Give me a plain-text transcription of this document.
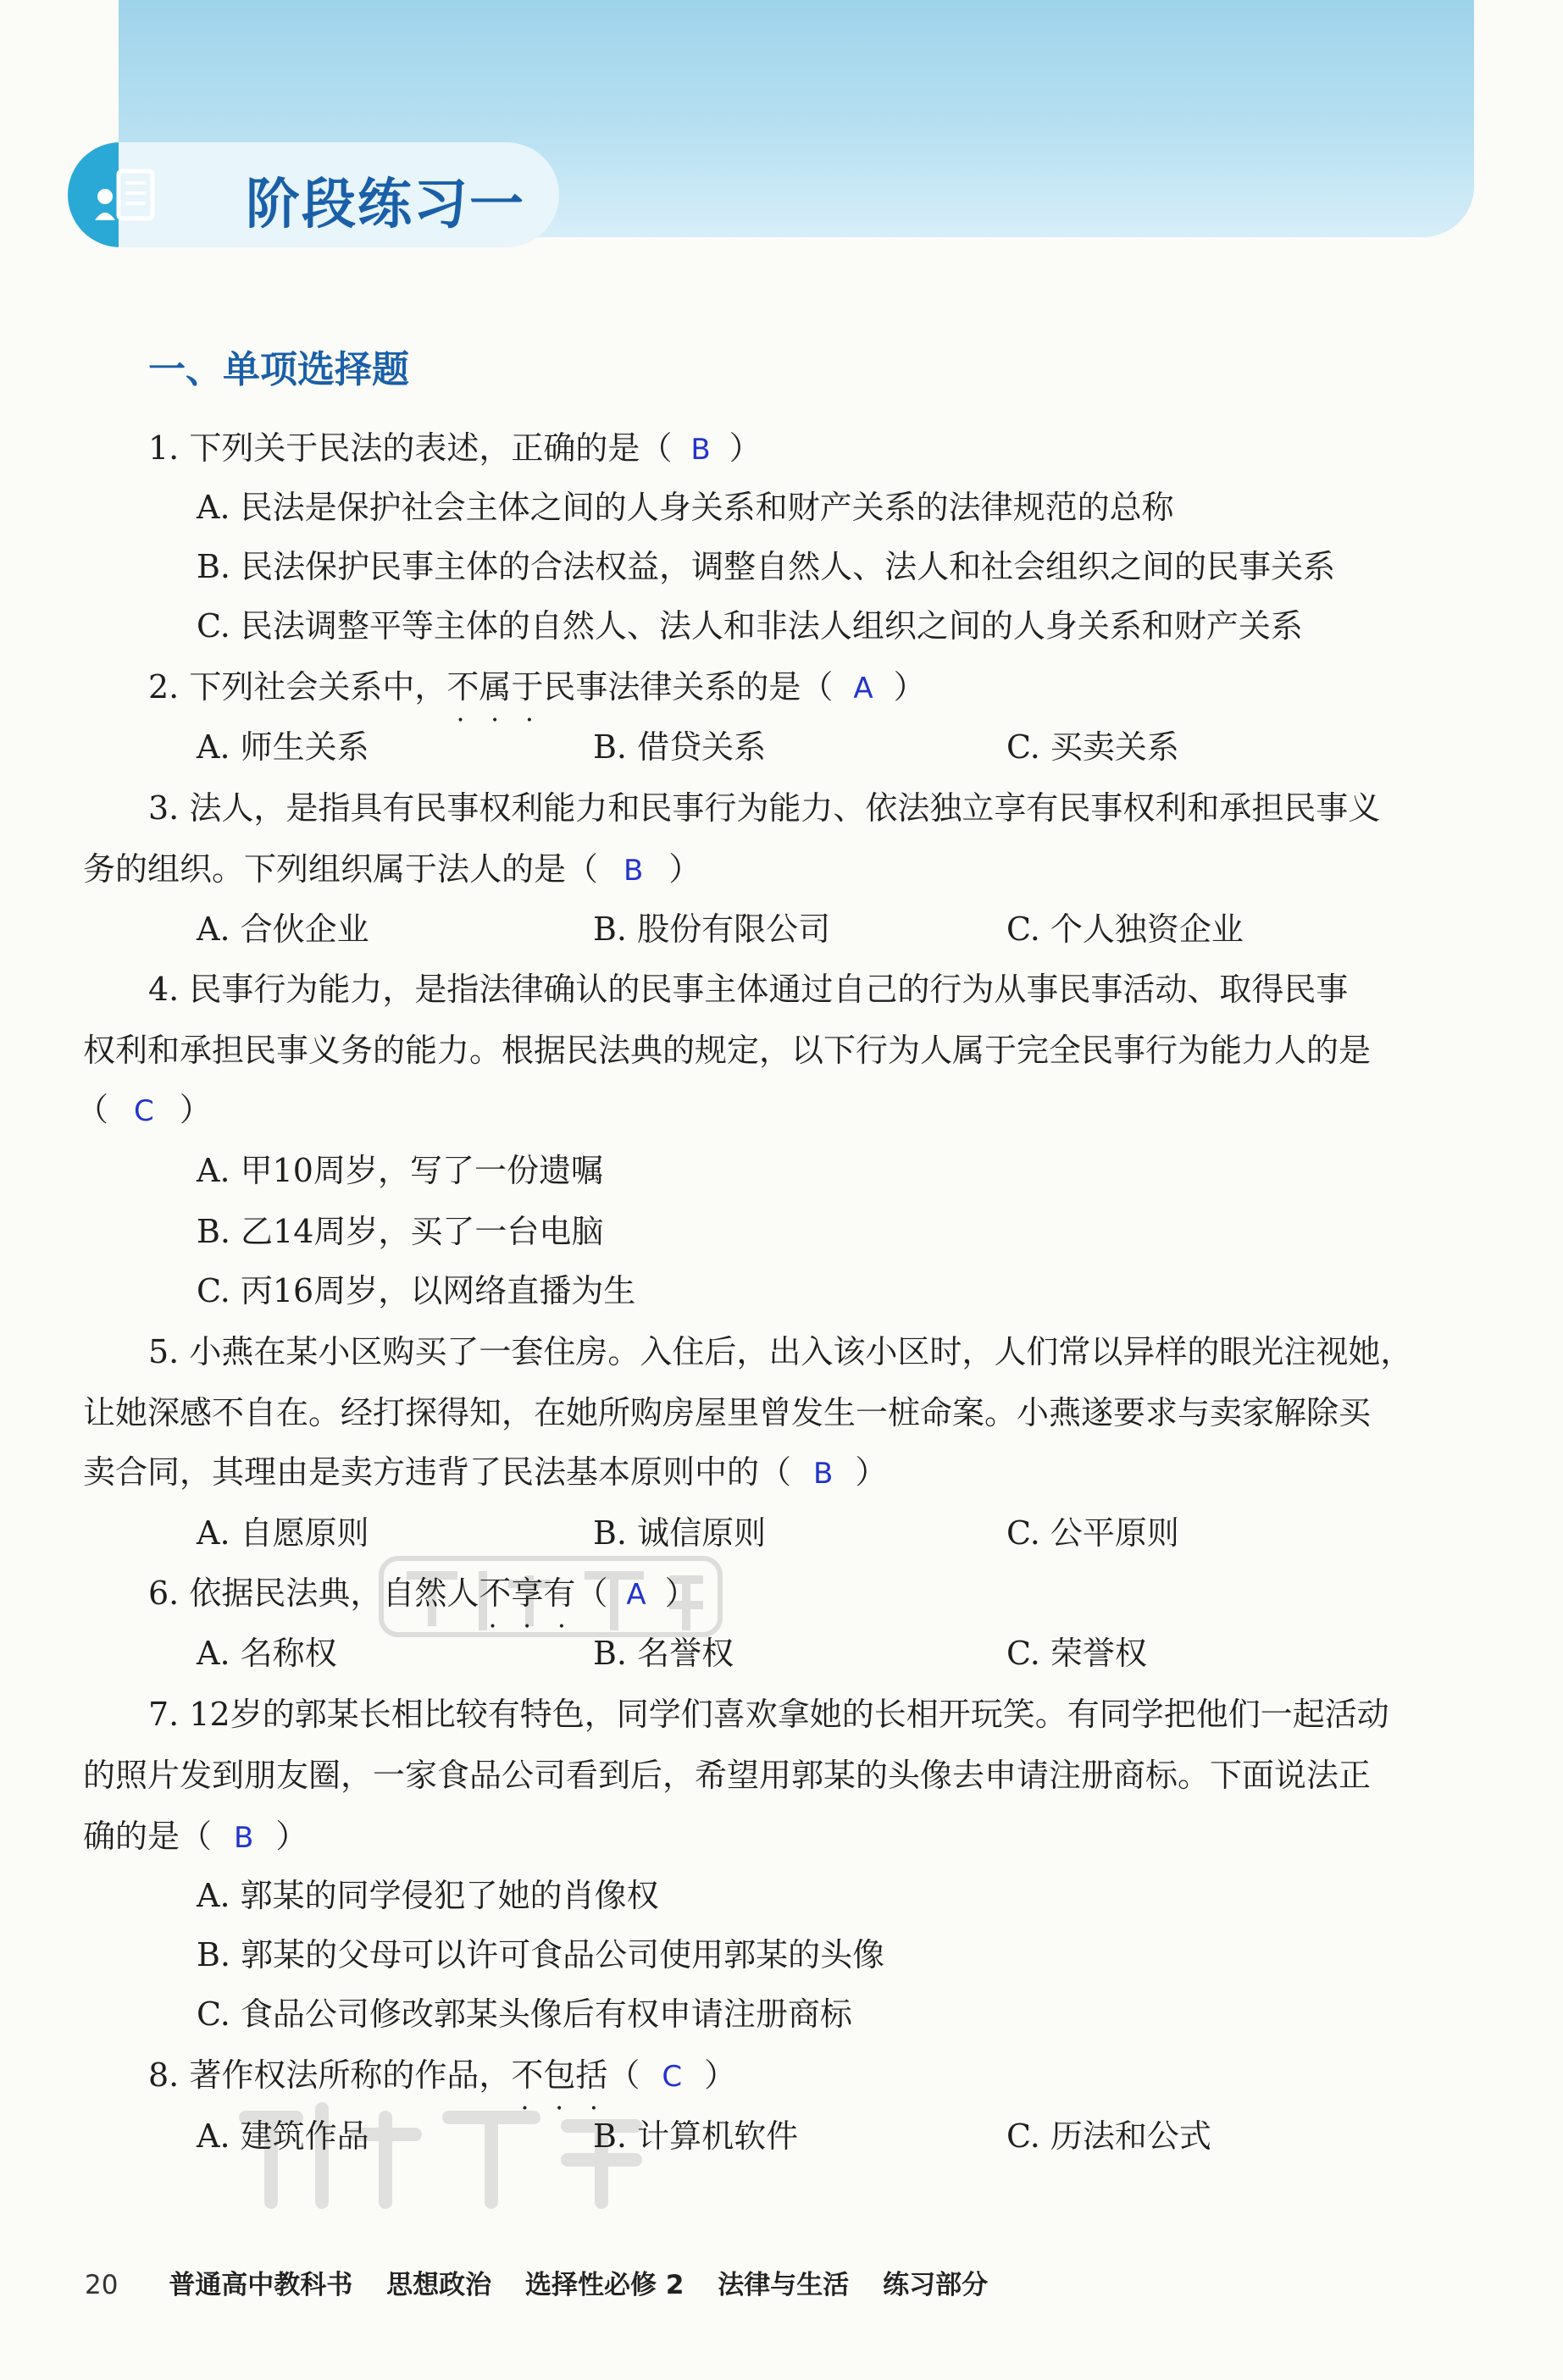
阶段练习一
一、单项选择题
1. 下列关于民法的表述，正确的是（ B ）
A. 民法是保护社会主体之间的人身关系和财产关系的法律规范的总称
B. 民法保护民事主体的合法权益，调整自然人、法人和社会组织之间的民事关系
C. 民法调整平等主体的自然人、法人和非法人组织之间的人身关系和财产关系
2. 下列社会关系中，不属于 • • •民事法律关系的是（ A ）
A. 师生关系	B. 借贷关系	C. 买卖关系
3. 法人，是指具有民事权利能力和民事行为能力、依法独立享有民事权利和承担民事义
务的组织。下列组织属于法人的是（ B ）
A. 合伙企业	B. 股份有限公司	C. 个人独资企业
4. 民事行为能力，是指法律确认的民事主体通过自己的行为从事民事活动、取得民事
权利和承担民事义务的能力。根据民法典的规定，以下行为人属于完全民事行为能力人的是
（ C ）
A. 甲10周岁，写了一份遗嘱
B. 乙14周岁，买了一台电脑
C. 丙16周岁，以网络直播为生
5. 小燕在某小区购买了一套住房。入住后，出入该小区时，人们常以异样的眼光注视她，
让她深感不自在。经打探得知，在她所购房屋里曾发生一桩命案。小燕遂要求与卖家解除买
卖合同，其理由是卖方违背了民法基本原则中的（ B ）
A. 自愿原则	B. 诚信原则	C. 公平原则
6. 依据民法典，自然人不享有 • • •（ A ）
A. 名称权	B. 名誉权	C. 荣誉权
7. 12岁的郭某长相比较有特色，同学们喜欢拿她的长相开玩笑。有同学把他们一起活动
的照片发到朋友圈，一家食品公司看到后，希望用郭某的头像去申请注册商标。下面说法正
确的是（ B ）
A. 郭某的同学侵犯了她的肖像权
B. 郭某的父母可以许可食品公司使用郭某的头像
C. 食品公司修改郭某头像后有权申请注册商标
8. 著作权法所称的作品，不包括 • • •（ C ）
A. 建筑作品	B. 计算机软件	C. 历法和公式
20 普通高中教科书 思想政治 选择性必修 2 法律与生活 练习部分
